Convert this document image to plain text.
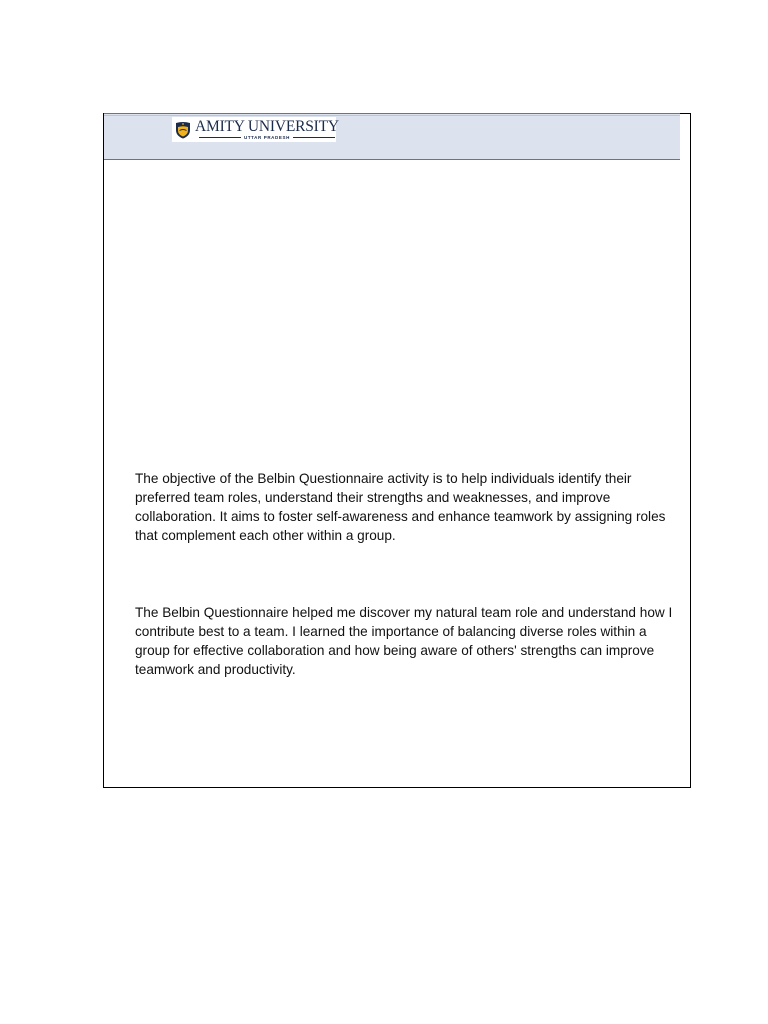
AMITY UNIVERSITY
UTTAR PRADESH

The objective of the Belbin Questionnaire activity is to help individuals identify their preferred team roles, understand their strengths and weaknesses, and improve collaboration. It aims to foster self-awareness and enhance teamwork by assigning roles that complement each other within a group.

The Belbin Questionnaire helped me discover my natural team role and understand how I contribute best to a team. I learned the importance of balancing diverse roles within a group for effective collaboration and how being aware of others' strengths can improve teamwork and productivity.
